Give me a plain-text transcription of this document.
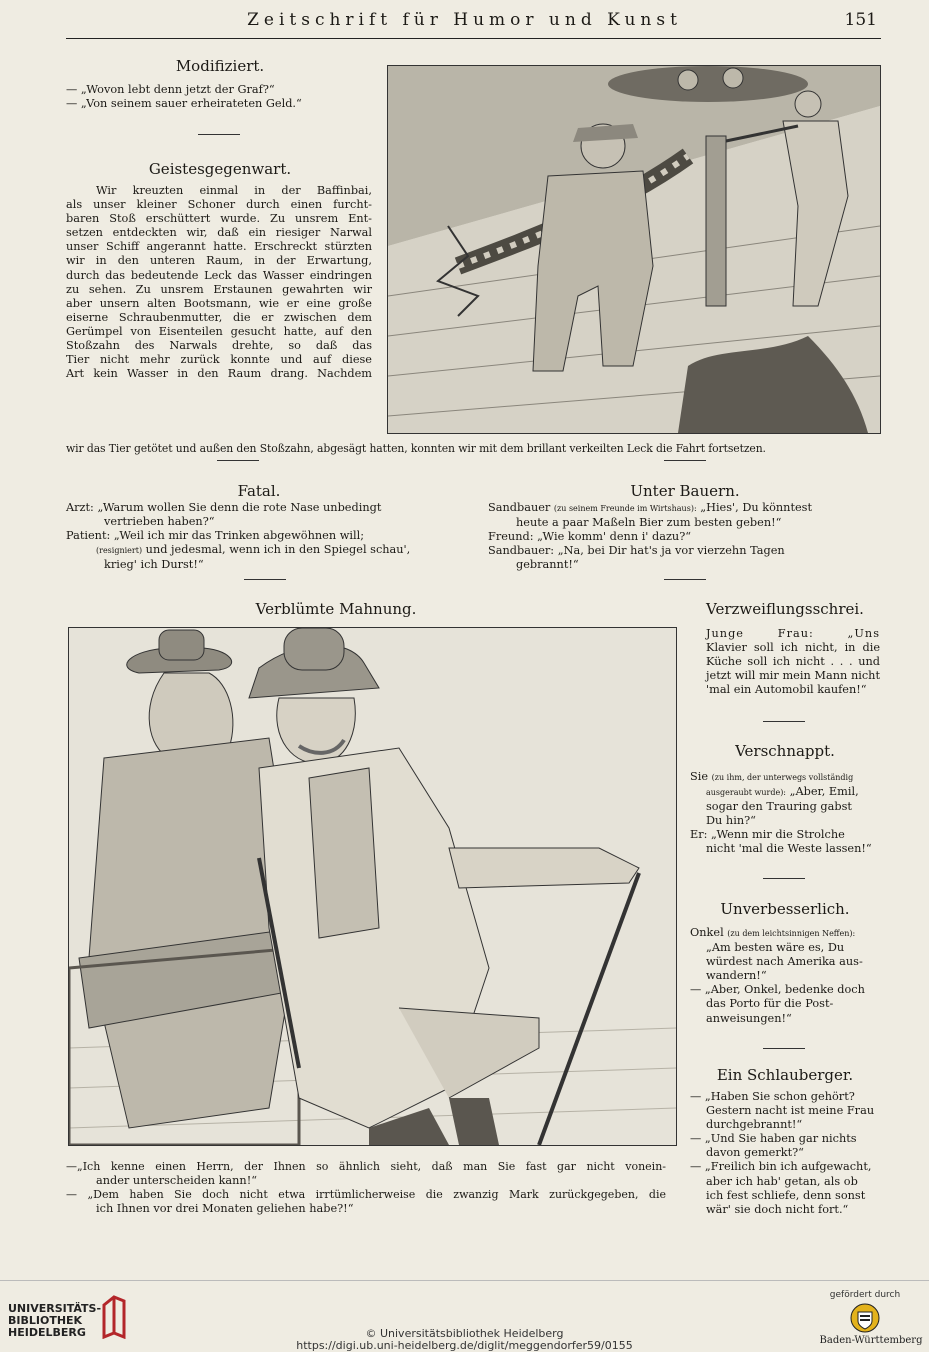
Zeitschrift für Humor und Kunst	151
Modifiziert.
— „Wovon lebt denn jetzt der Graf?“
— „Von seinem sauer erheirateten Geld.“
Geistesgegenwart.
Wir kreuzten einmal in der Baffinbai,
als unser kleiner Schoner durch einen furcht-
baren Stoß erschüttert wurde. Zu unsrem Ent-
setzen entdeckten wir, daß ein riesiger Narwal
unser Schiff angerannt hatte. Erschreckt stürzten
wir in den unteren Raum, in der Erwartung,
durch das bedeutende Leck das Wasser eindringen
zu sehen. Zu unsrem Erstaunen gewahrten wir
aber unsern alten Bootsmann, wie er eine große
eiserne Schraubenmutter, die er zwischen dem
Gerümpel von Eisenteilen gesucht hatte, auf den
Stoßzahn des Narwals drehte, so daß das
Tier nicht mehr zurück konnte und auf diese
Art kein Wasser in den Raum drang. Nachdem
wir das Tier getötet und außen den Stoßzahn, abgesägt hatten, konnten wir mit dem brillant verkeilten Leck die Fahrt fortsetzen.
Fatal.
Arzt: „Warum wollen Sie denn die rote Nase unbedingt
vertrieben haben?“
Patient: „Weil ich mir das Trinken abgewöhnen will;
(resigniert) und jedesmal, wenn ich in den Spiegel schau',
krieg' ich Durst!“
Unter Bauern.
Sandbauer (zu seinem Freunde im Wirtshaus): „Hies', Du könntest
heute a paar Maßeln Bier zum besten geben!“
Freund: „Wie komm' denn i' dazu?“
Sandbauer: „Na, bei Dir hat's ja vor vierzehn Tagen
gebrannt!“
Verblümte Mahnung.
—„Ich kenne einen Herrn, der Ihnen so ähnlich sieht, daß man Sie fast gar nicht vonein-
ander unterscheiden kann!“
— „Dem haben Sie doch nicht etwa irrtümlicherweise die zwanzig Mark zurückgegeben, die
ich Ihnen vor drei Monaten geliehen habe?!“
Verzweiflungsschrei.
Junge Frau: „Uns
Klavier soll ich nicht, in die
Küche soll ich nicht . . . und
jetzt will mir mein Mann nicht
'mal ein Automobil kaufen!“
Verschnappt.
Sie (zu ihm, der unterwegs vollständig
ausgeraubt wurde): „Aber, Emil,
sogar den Trauring gabst
Du hin?“
Er: „Wenn mir die Strolche
nicht 'mal die Weste lassen!“
Unverbesserlich.
Onkel (zu dem leichtsinnigen Neffen):
„Am besten wäre es, Du
würdest nach Amerika aus-
wandern!“
— „Aber, Onkel, bedenke doch
das Porto für die Post-
anweisungen!“
Ein Schlauberger.
— „Haben Sie schon gehört?
Gestern nacht ist meine Frau
durchgebrannt!“
— „Und Sie haben gar nichts
davon gemerkt?“
— „Freilich bin ich aufgewacht,
aber ich hab' getan, als ob
ich fest schliefe, denn sonst
wär' sie doch nicht fort.“
UNIVERSITÄTS-
BIBLIOTHEK
HEIDELBERG	© Universitätsbibliothek Heidelberg
https://digi.ub.uni-heidelberg.de/diglit/meggendorfer59/0155
gefördert durch
Baden-Württemberg
